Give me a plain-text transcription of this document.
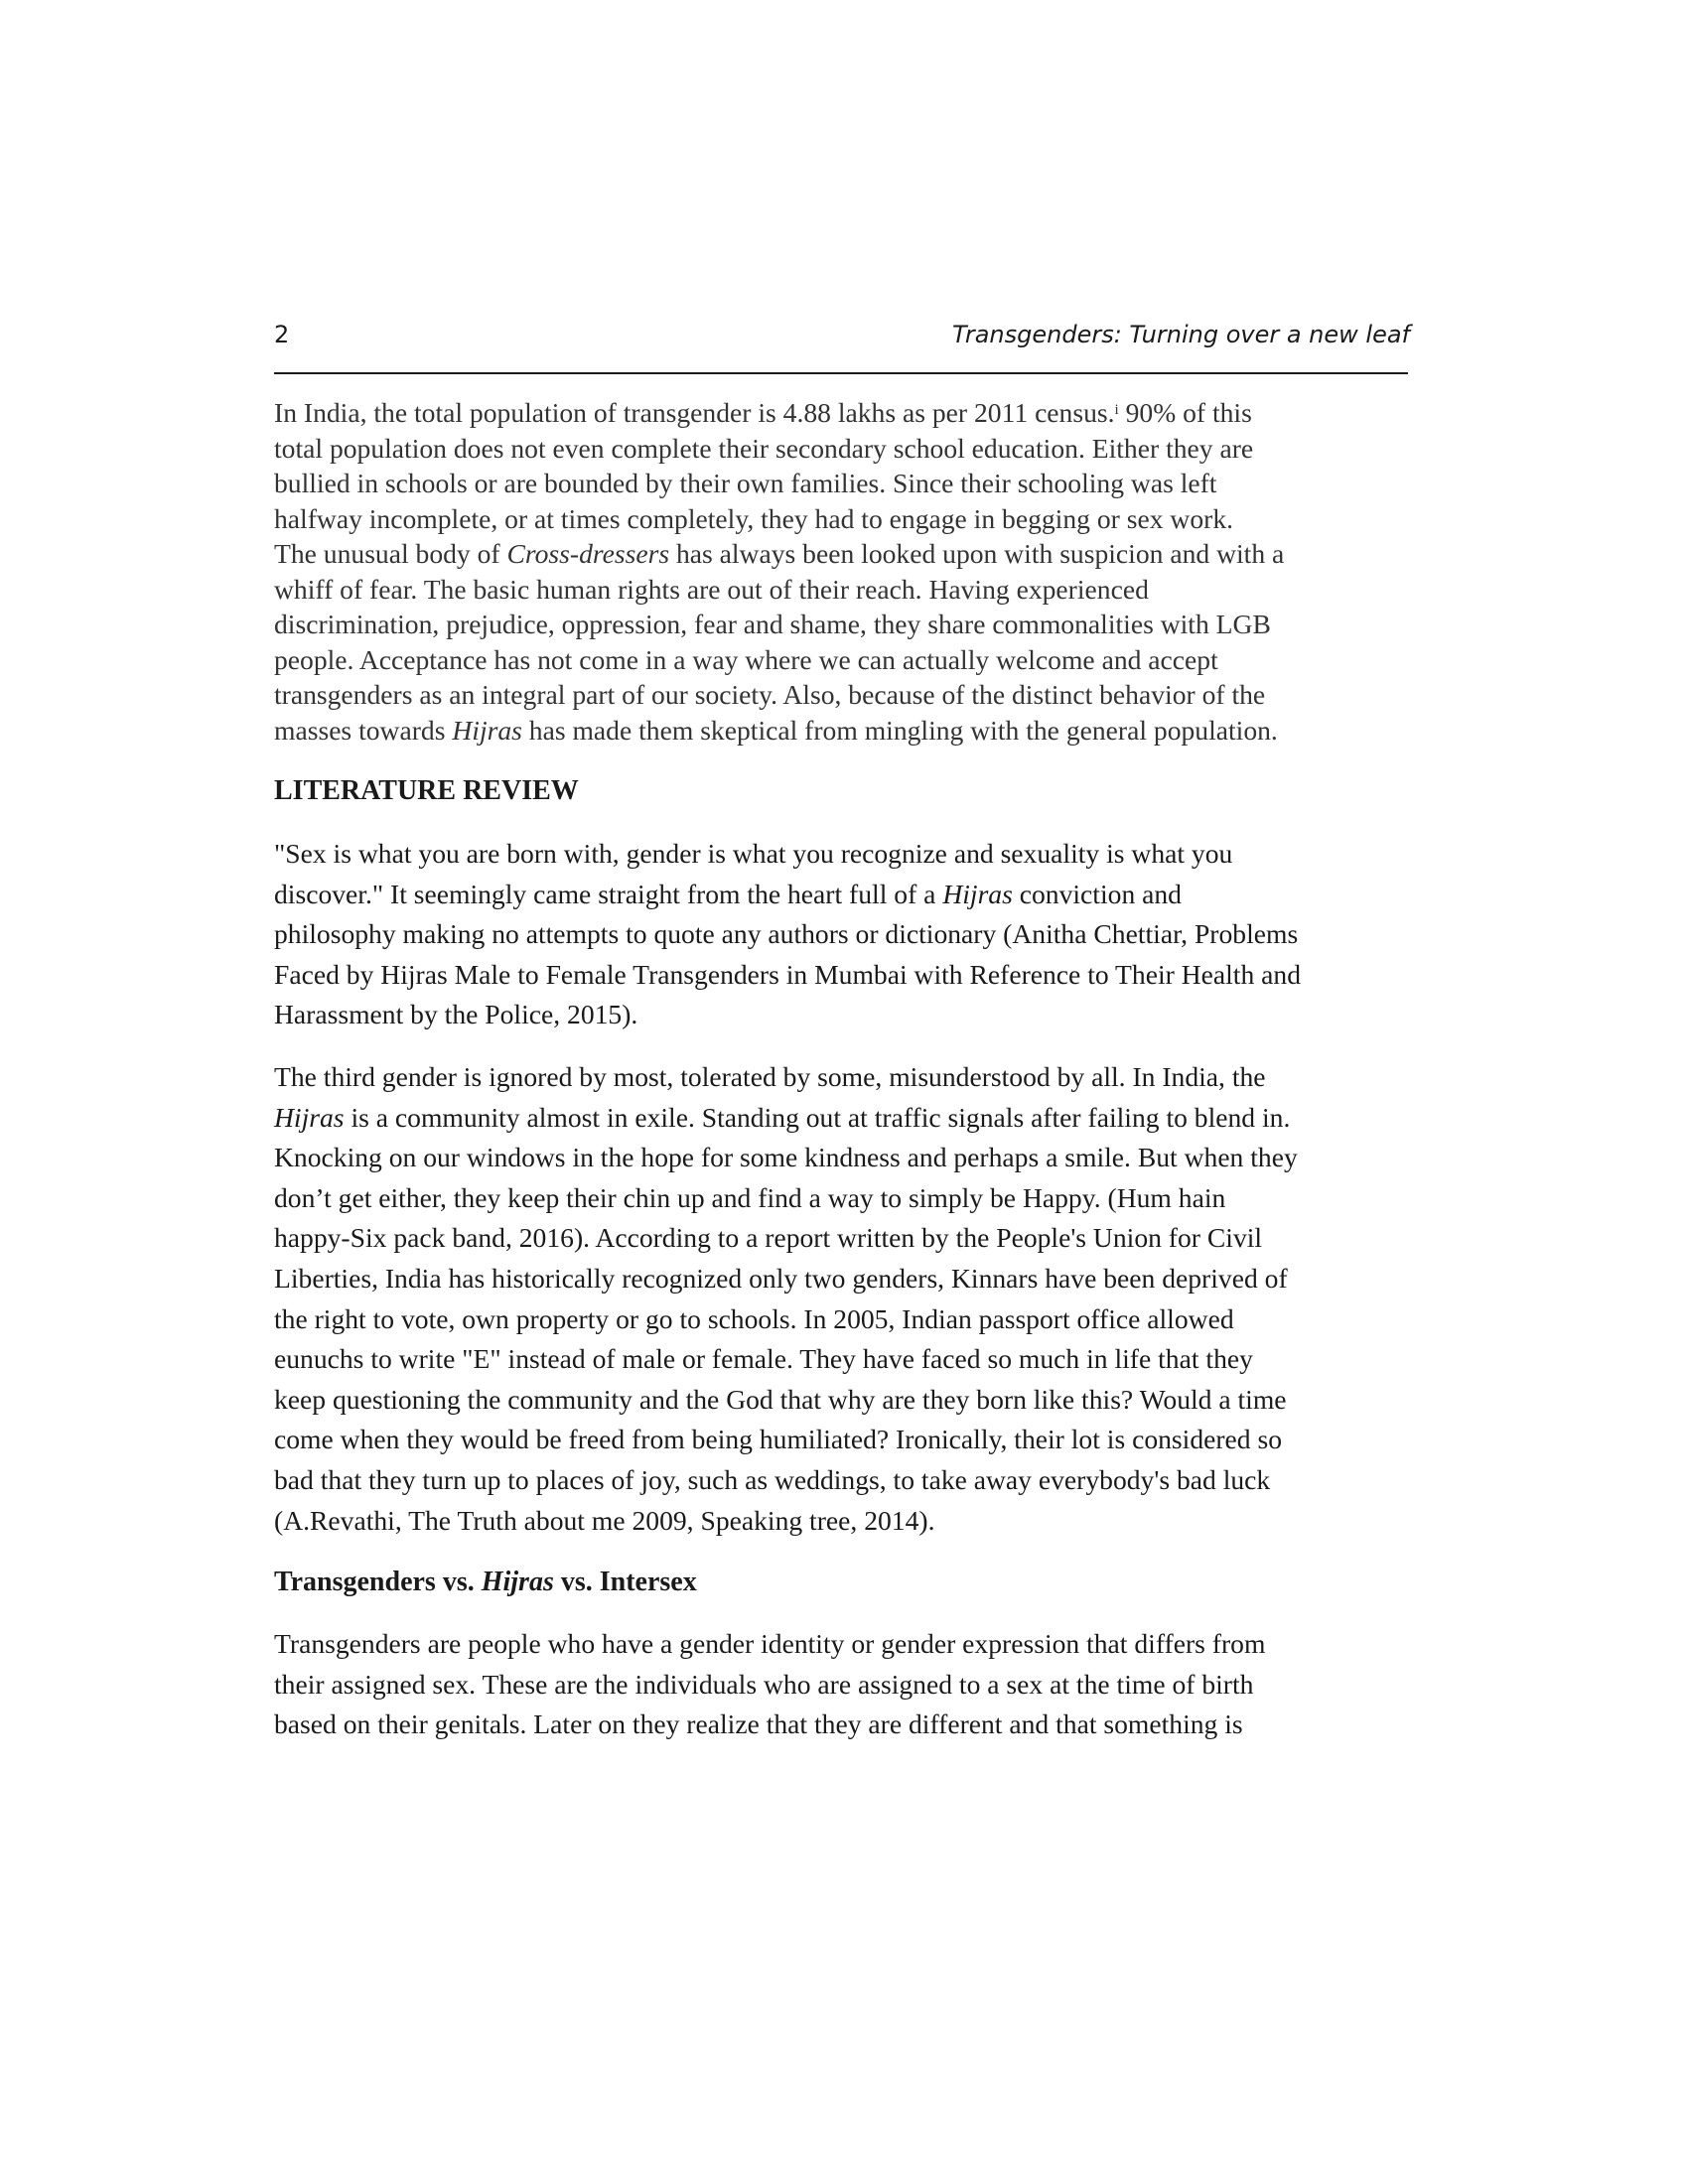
2	Transgenders: Turning over a new leaf

In India, the total population of transgender is 4.88 lakhs as per 2011 census.$^i$ 90% of this
total population does not even complete their secondary school education. Either they are
bullied in schools or are bounded by their own families. Since their schooling was left
halfway incomplete, or at times completely, they had to engage in begging or sex work.
The unusual body of Cross-dressers has always been looked upon with suspicion and with a
whiff of fear. The basic human rights are out of their reach. Having experienced
discrimination, prejudice, oppression, fear and shame, they share commonalities with LGB
people. Acceptance has not come in a way where we can actually welcome and accept
transgenders as an integral part of our society. Also, because of the distinct behavior of the
masses towards Hijras has made them skeptical from mingling with the general population.

LITERATURE REVIEW

"Sex is what you are born with, gender is what you recognize and sexuality is what you
discover." It seemingly came straight from the heart full of a Hijras conviction and
philosophy making no attempts to quote any authors or dictionary (Anitha Chettiar, Problems
Faced by Hijras Male to Female Transgenders in Mumbai with Reference to Their Health and
Harassment by the Police, 2015).

The third gender is ignored by most, tolerated by some, misunderstood by all. In India, the
Hijras is a community almost in exile. Standing out at traffic signals after failing to blend in.
Knocking on our windows in the hope for some kindness and perhaps a smile. But when they
don’t get either, they keep their chin up and find a way to simply be Happy. (Hum hain
happy-Six pack band, 2016). According to a report written by the People's Union for Civil
Liberties, India has historically recognized only two genders, Kinnars have been deprived of
the right to vote, own property or go to schools. In 2005, Indian passport office allowed
eunuchs to write "E" instead of male or female. They have faced so much in life that they
keep questioning the community and the God that why are they born like this? Would a time
come when they would be freed from being humiliated? Ironically, their lot is considered so
bad that they turn up to places of joy, such as weddings, to take away everybody's bad luck
(A.Revathi, The Truth about me 2009, Speaking tree, 2014).

Transgenders vs. Hijras vs. Intersex

Transgenders are people who have a gender identity or gender expression that differs from
their assigned sex. These are the individuals who are assigned to a sex at the time of birth
based on their genitals. Later on they realize that they are different and that something is
